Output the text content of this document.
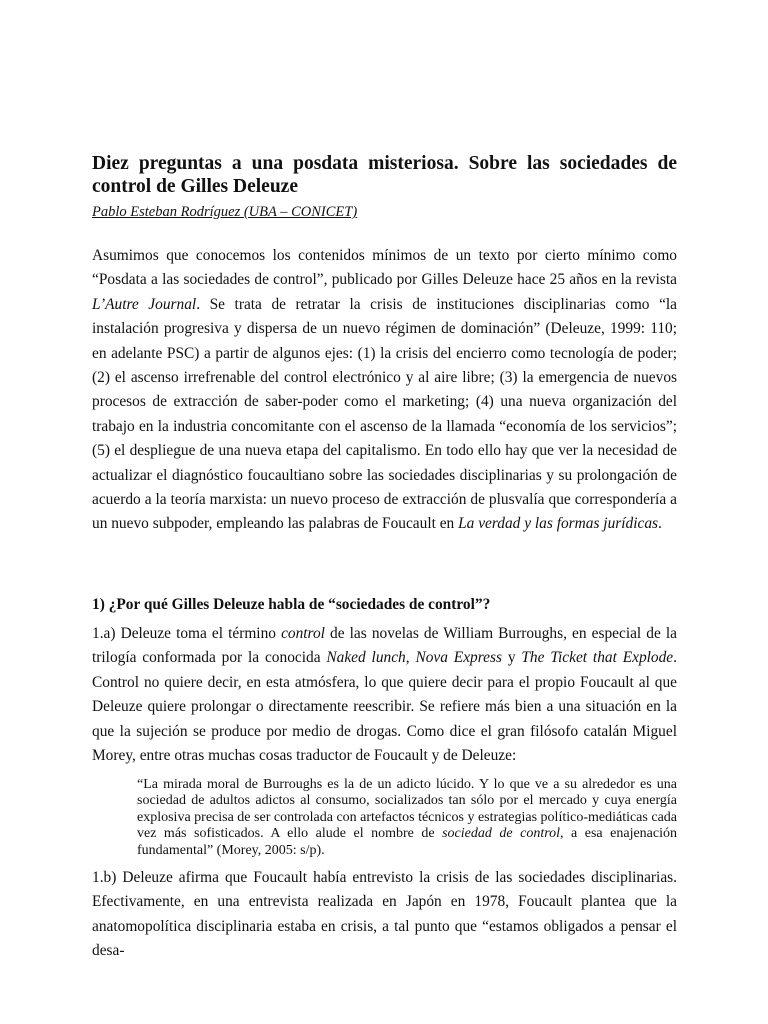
Diez preguntas a una posdata misteriosa. Sobre las sociedades de control de Gilles Deleuze

Pablo Esteban Rodríguez (UBA – CONICET)

Asumimos que conocemos los contenidos mínimos de un texto por cierto mínimo como “Posdata a las sociedades de control”, publicado por Gilles Deleuze hace 25 años en la revista L’Autre Journal. Se trata de retratar la crisis de instituciones disciplinarias como “la instalación progresiva y dispersa de un nuevo régimen de dominación” (Deleuze, 1999: 110; en adelante PSC) a partir de algunos ejes: (1) la crisis del encierro como tecnología de poder; (2) el ascenso irrefrenable del control electrónico y al aire libre; (3) la emergencia de nuevos procesos de extracción de saber-poder como el marketing; (4) una nueva organización del trabajo en la industria concomitante con el ascenso de la llamada “economía de los servicios”; (5) el despliegue de una nueva etapa del capitalismo. En todo ello hay que ver la necesidad de actualizar el diagnóstico foucaultiano sobre las sociedades disciplinarias y su prolongación de acuerdo a la teoría marxista: un nuevo proceso de extracción de plusvalía que correspondería a un nuevo subpoder, empleando las palabras de Foucault en La verdad y las formas jurídicas.

1) ¿Por qué Gilles Deleuze habla de “sociedades de control”?

1.a) Deleuze toma el término control de las novelas de William Burroughs, en especial de la trilogía conformada por la conocida Naked lunch, Nova Express y The Ticket that Explode. Control no quiere decir, en esta atmósfera, lo que quiere decir para el propio Foucault al que Deleuze quiere prolongar o directamente reescribir. Se refiere más bien a una situación en la que la sujeción se produce por medio de drogas. Como dice el gran filósofo catalán Miguel Morey, entre otras muchas cosas traductor de Foucault y de Deleuze:

“La mirada moral de Burroughs es la de un adicto lúcido. Y lo que ve a su alrededor es una sociedad de adultos adictos al consumo, socializados tan sólo por el mercado y cuya energía explosiva precisa de ser controlada con artefactos técnicos y estrategias político-mediáticas cada vez más sofisticados. A ello alude el nombre de sociedad de control, a esa enajenación fundamental” (Morey, 2005: s/p).

1.b) Deleuze afirma que Foucault había entrevisto la crisis de las sociedades disciplinarias. Efectivamente, en una entrevista realizada en Japón en 1978, Foucault plantea que la anatomopolítica disciplinaria estaba en crisis, a tal punto que “estamos obligados a pensar el desa-
